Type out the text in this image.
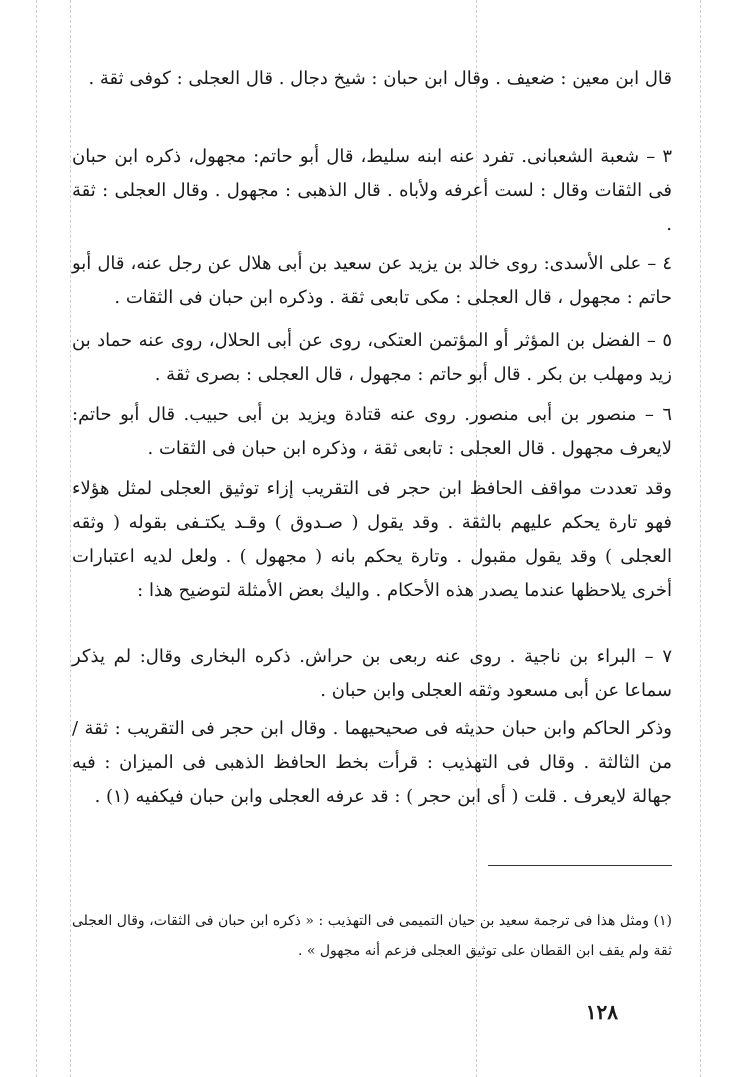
قال ابن معين : ضعيف . وقال ابن حبان : شيخ دجال . قال العجلى : كوفى ثقة .

٣ – شعبة الشعبانى. تفرد عنه ابنه سليط، قال أبو حاتم: مجهول، ذكره ابن حبان فى الثقات وقال : لست أعرفه ولأباه . قال الذهبى : مجهول . وقال العجلى : ثقة .

٤ – على الأسدى: روى خالد بن يزيد عن سعيد بن أبى هلال عن رجل عنه، قال أبو حاتم : مجهول ، قال العجلى : مكى تابعى ثقة . وذكره ابن حبان فى الثقات .

٥ – الفضل بن المؤثر أو المؤتمن العتكى، روى عن أبى الحلال، روى عنه حماد بن زيد ومهلب بن بكر . قال أبو حاتم : مجهول ، قال العجلى : بصرى ثقة .

٦ – منصور بن أبى منصور. روى عنه قتادة ويزيد بن أبى حبيب. قال أبو حاتم: لايعرف مجهول . قال العجلى : تابعى ثقة ، وذكره ابن حبان فى الثقات .

وقد تعددت مواقف الحافظ ابن حجر فى التقريب إزاء توثيق العجلى لمثل هؤلاء فهو تارة يحكم عليهم بالثقة . وقد يقول ( صـدوق ) وقـد يكتـفى بقوله ( وثقه العجلى ) وقد يقول مقبول . وتارة يحكم بانه ( مجهول ) . ولعل لديه اعتبارات أخرى يلاحظها عندما يصدر هذه الأحكام . واليك بعض الأمثلة لتوضيح هذا :

٧ – البراء بن ناجية . روى عنه ربعى بن حراش. ذكره البخارى وقال: لم يذكر سماعا عن أبى مسعود وثقه العجلى وابن حبان .

وذكر الحاكم وابن حبان حديثه فى صحيحيهما . وقال ابن حجر فى التقريب : ثقة / من الثالثة . وقال فى التهذيب : قرأت بخط الحافظ الذهبى فى الميزان : فيه جهالة لايعرف . قلت ( أى ابن حجر ) : قد عرفه العجلى وابن حبان فيكفيه (١) .

(١) ومثل هذا فى ترجمة سعيد بن حيان التميمى فى التهذيب : « ذكره ابن حبان فى الثقات، وقال العجلى ثقة ولم يقف ابن القطان على توثيق العجلى فزعم أنه مجهول » .

١٢٨
